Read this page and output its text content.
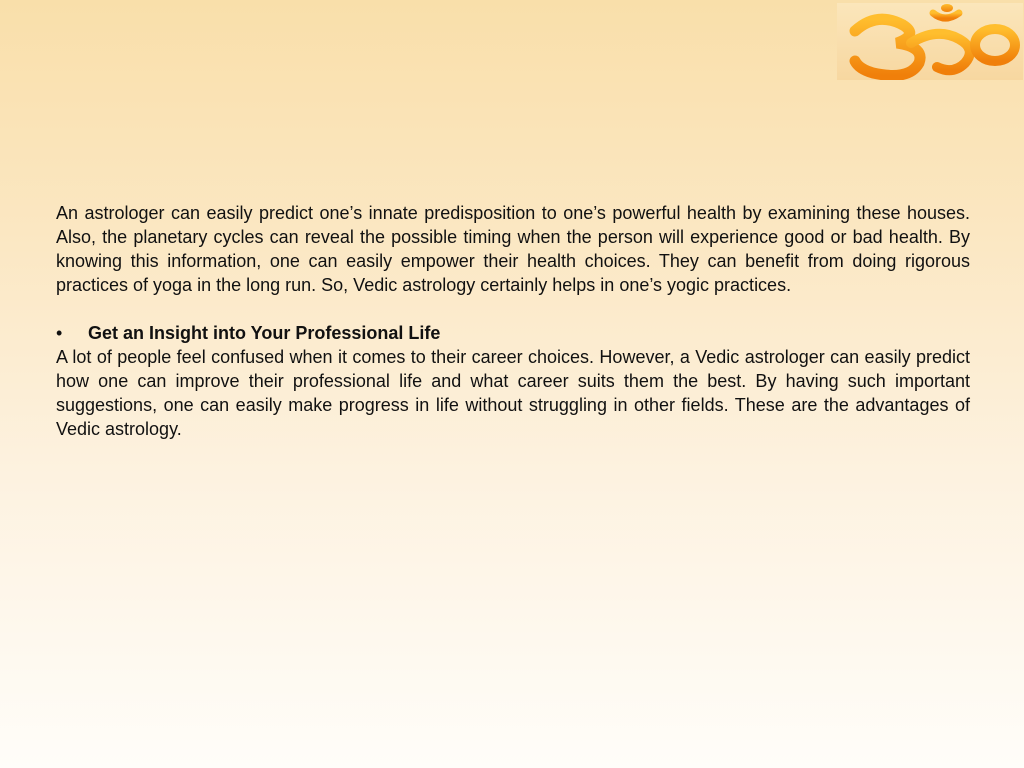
An astrologer can easily predict one’s innate predisposition to one’s powerful health by examining these houses. Also, the planetary cycles can reveal the possible timing when the person will experience good or bad health. By knowing this information, one can easily empower their health choices. They can benefit from doing rigorous practices of yoga in the long run. So, Vedic astrology certainly helps in one’s yogic practices.

•	Get an Insight into Your Professional Life

A lot of people feel confused when it comes to their career choices. However, a Vedic astrologer can easily predict how one can improve their professional life and what career suits them the best. By having such important suggestions, one can easily make progress in life without struggling in other fields. These are the advantages of Vedic astrology.
